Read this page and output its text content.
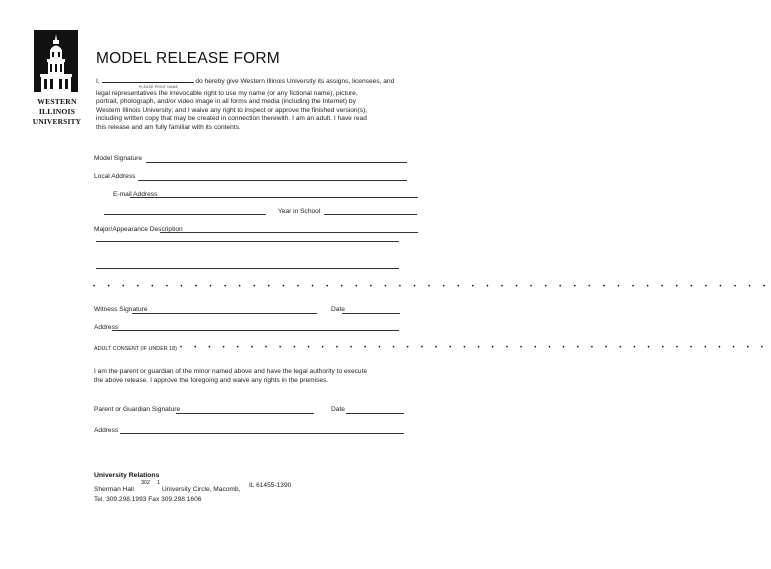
WESTERN
ILLINOIS
UNIVERSITY
MODEL RELEASE FORM
I,	do hereby give Western Illinois University its assigns, licensees, and
legal representatives the irrevocable right to use my name (or any fictional name), picture,
portrait, photograph, and/or video image in all forms and media (including the Internet) by
Western Illinois University; and I waive any right to inspect or approve the finished version(s),
including written copy that may be created in connection therewith. I am an adult. I have read
this release and am fully familiar with its contents.
PLEASE PRINT NAME
Model Signature
Local Address
E-mail Address
Year in School
Major/Appearance Description
• • • • • • • • • • • • • • • • • • • • • • • • • • • • • • • • • • • • • • • • • • • • • • •
Witness Signature	Date
Address
ADULT CONSENT (IF UNDER 18) • • • • • • • • • • • • • • • • • • • • • • • • • • • • • • • • • • • • • • • • • •
I am the parent or guardian of the minor named above and have the legal authority to execute
the above release. I approve the foregoing and waive any rights in the premises.
Parent or Guardian Signature	Date
Address
University Relations
Sherman Hall
302 1
University Circle, Macomb,
IL 61455-1390
Tel. 309.298.1993 Fax 309.298.1606
